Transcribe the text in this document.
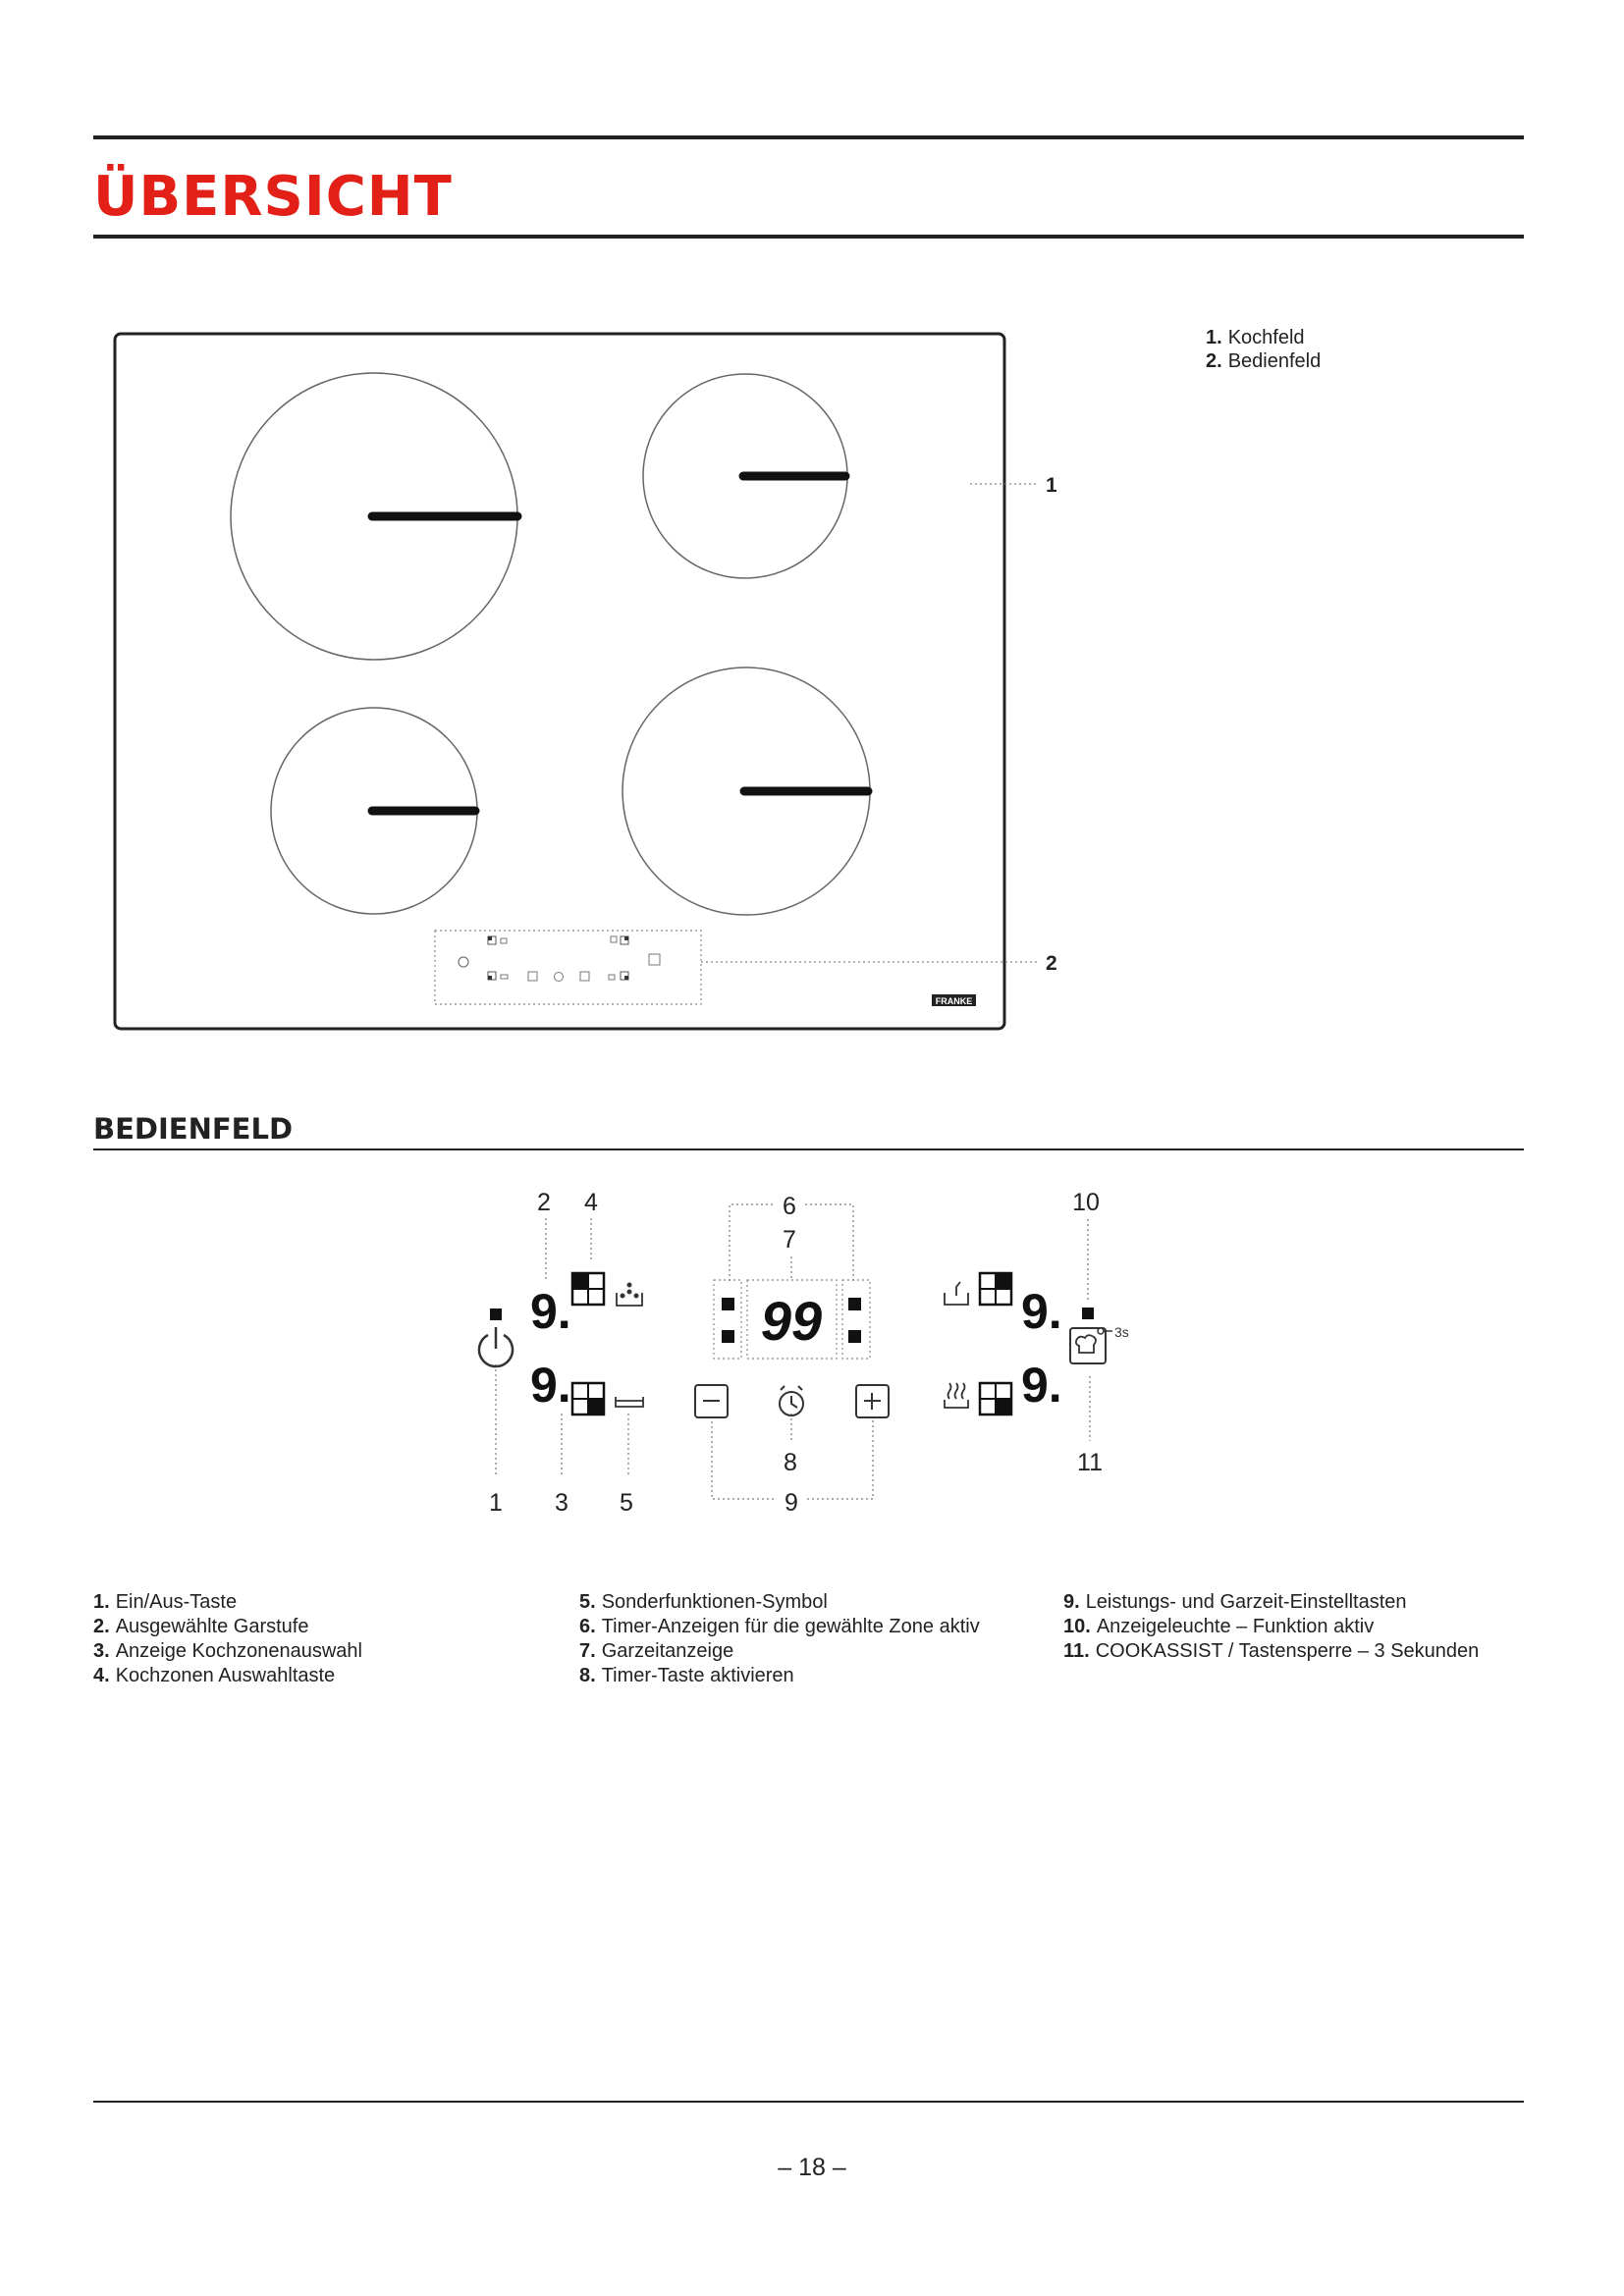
ÜBERSICHT
1. Kochfeld
2. Bedienfeld
FRANKE
1
2
BEDIENFELD
2 4	6
7
10
1 3 5
8
9
11
9.
9.
99	9.
9.
3s
1. Ein/Aus-Taste
2. Ausgewählte Garstufe
3. Anzeige Kochzonenauswahl
4. Kochzonen Auswahltaste
5. Sonderfunktionen-Symbol
6. Timer-Anzeigen für die gewählte Zone aktiv
7. Garzeitanzeige
8. Timer-Taste aktivieren
9. Leistungs- und Garzeit-Einstelltasten
10. Anzeigeleuchte – Funktion aktiv
11. COOKASSIST / Tastensperre – 3 Sekunden
– 18 –
